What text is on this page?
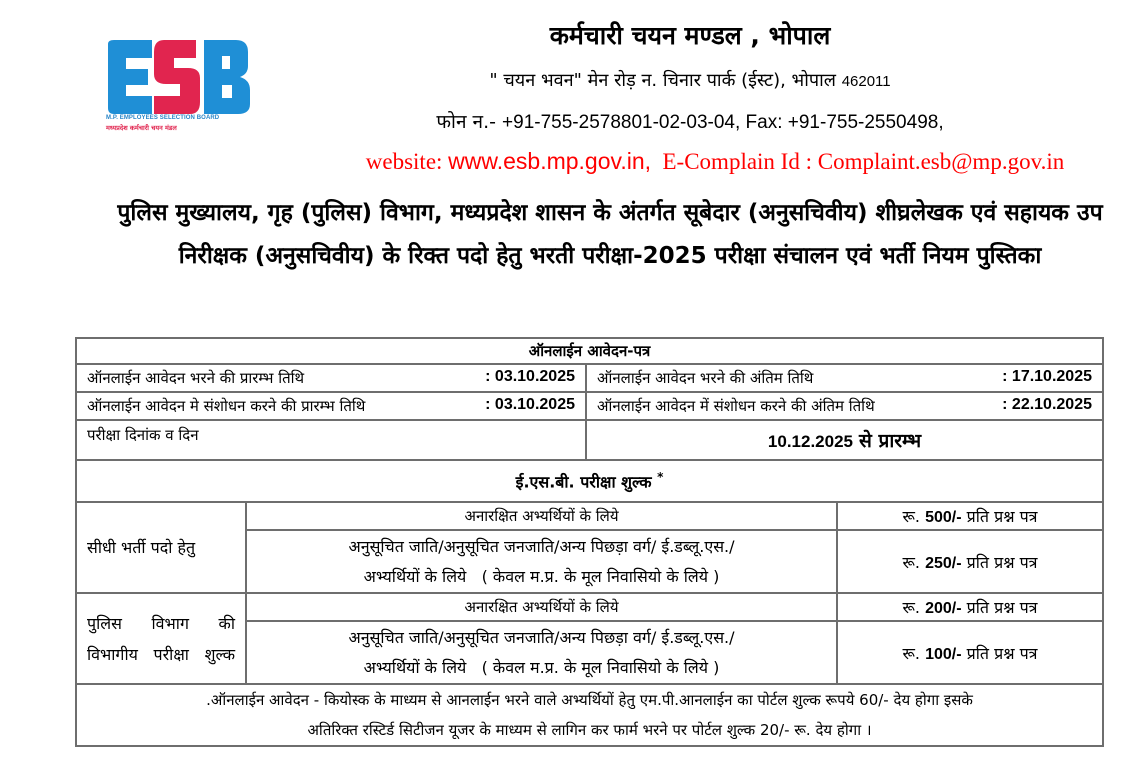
M.P. EMPLOYEES SELECTION BOARD
मध्यप्रदेश कर्मचारी चयन मंडल
कर्मचारी चयन मण्डल , भोपाल
" चयन भवन" मेन रोड़ न. चिनार पार्क (ईस्ट), भोपाल 462011
फोन न.- +91-755-2578801-02-03-04, Fax: +91-755-2550498,
website: www.esb.mp.gov.in, E-Complain Id : Complaint.esb@mp.gov.in
पुलिस मुख्यालय, गृह (पुलिस) विभाग, मध्यप्रदेश शासन के अंतर्गत सूबेदार (अनुसचिवीय) शीघ्रलेखक एवं सहायक उप निरीक्षक (अनुसचिवीय) के रिक्त पदो हेतु भरती परीक्षा-2025 परीक्षा संचालन एवं भर्ती नियम पुस्तिका
ऑनलाईन आवेदन-पत्र			

ऑनलाईन आवेदन भरने की प्रारम्भ तिथि : 03.10.2025		ऑनलाईन आवेदन भरने की अंतिम तिथि : 17.10.2025	

ऑनलाईन आवेदन मे संशोधन करने की प्रारम्भ तिथि : 03.10.2025		ऑनलाईन आवेदन में संशोधन करने की अंतिम तिथि : 22.10.2025	

परीक्षा दिनांक व दिन		10.12.2025 से प्रारम्भ	
ई.एस.बी. परीक्षा शुल्क *
सीधी भर्ती पदो हेतु	अनारक्षित अभ्यर्थियों के लिये		रू. 500/- प्रति प्रश्न पत्र

	अनुसूचित जाति/अनुसूचित जनजाति/अन्य पिछड़ा वर्ग/ ई.डब्लू.एस./
अभ्यर्थियों के लिये   ( केवल म.प्र. के मूल निवासियो के लिये )		रू. 250/- प्रति प्रश्न पत्र
पुलिस विभाग की विभागीय परीक्षा शुल्क	अनारक्षित अभ्यर्थियों के लिये		रू. 200/- प्रति प्रश्न पत्र

	अनुसूचित जाति/अनुसूचित जनजाति/अन्य पिछड़ा वर्ग/ ई.डब्लू.एस./
अभ्यर्थियों के लिये   ( केवल म.प्र. के मूल निवासियो के लिये )		रू. 100/- प्रति प्रश्न पत्र

.ऑनलाईन आवेदन - कियोस्क के माध्यम से आनलाईन भरने वाले अभ्यर्थियों हेतु एम.पी.आनलाईन का पोर्टल शुल्क रूपये 60/- देय होगा इसके
अतिरिक्त रस्टिर्ड सिटीजन यूजर के माध्यम से लागिन कर फार्म भरने पर पोर्टल शुल्क 20/- रू. देय होगा ।			
